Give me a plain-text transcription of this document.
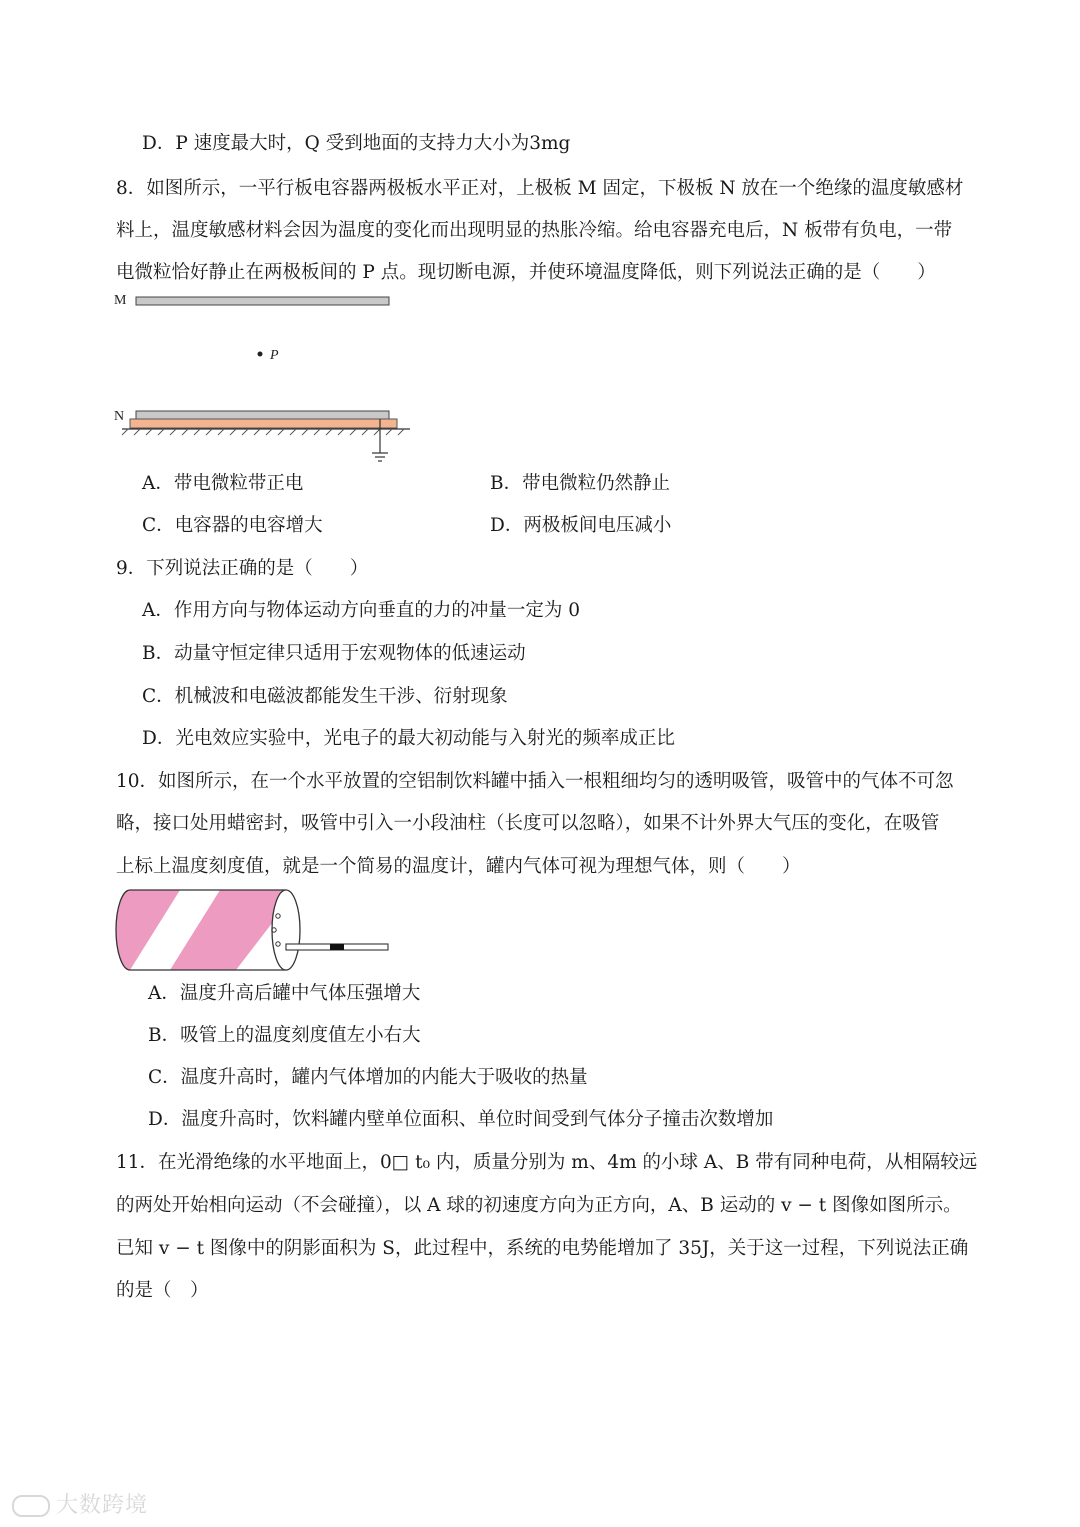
D．P 速度最大时，Q 受到地面的支持力大小为3mg
8．如图所示，一平行板电容器两极板水平正对，上极板 M 固定，下极板 N 放在一个绝缘的温度敏感材
料上，温度敏感材料会因为温度的变化而出现明显的热胀冷缩。给电容器充电后，N 板带有负电，一带
电微粒恰好静止在两极板间的 P 点。现切断电源，并使环境温度降低，则下列说法正确的是（　　）
M
P
N
A．带电微粒带正电	B．带电微粒仍然静止
C．电容器的电容增大	D．两极板间电压减小
9．下列说法正确的是（　　）
A．作用方向与物体运动方向垂直的力的冲量一定为 0
B．动量守恒定律只适用于宏观物体的低速运动
C．机械波和电磁波都能发生干涉、衍射现象
D．光电效应实验中，光电子的最大初动能与入射光的频率成正比
10．如图所示，在一个水平放置的空铝制饮料罐中插入一根粗细均匀的透明吸管，吸管中的气体不可忽
略，接口处用蜡密封，吸管中引入一小段油柱（长度可以忽略），如果不计外界大气压的变化，在吸管
上标上温度刻度值，就是一个简易的温度计，罐内气体可视为理想气体，则（　　）
A．温度升高后罐中气体压强增大
B．吸管上的温度刻度值左小右大
C．温度升高时，罐内气体增加的内能大于吸收的热量
D．温度升高时，饮料罐内壁单位面积、单位时间受到气体分子撞击次数增加
11．在光滑绝缘的水平地面上，0□ t₀ 内，质量分别为 m、4m 的小球 A、B 带有同种电荷，从相隔较远
的两处开始相向运动（不会碰撞），以 A 球的初速度方向为正方向，A、B 运动的 v − t 图像如图所示。
已知 v − t 图像中的阴影面积为 S，此过程中，系统的电势能增加了 35J，关于这一过程，下列说法正确
的是（　）
大数跨境
